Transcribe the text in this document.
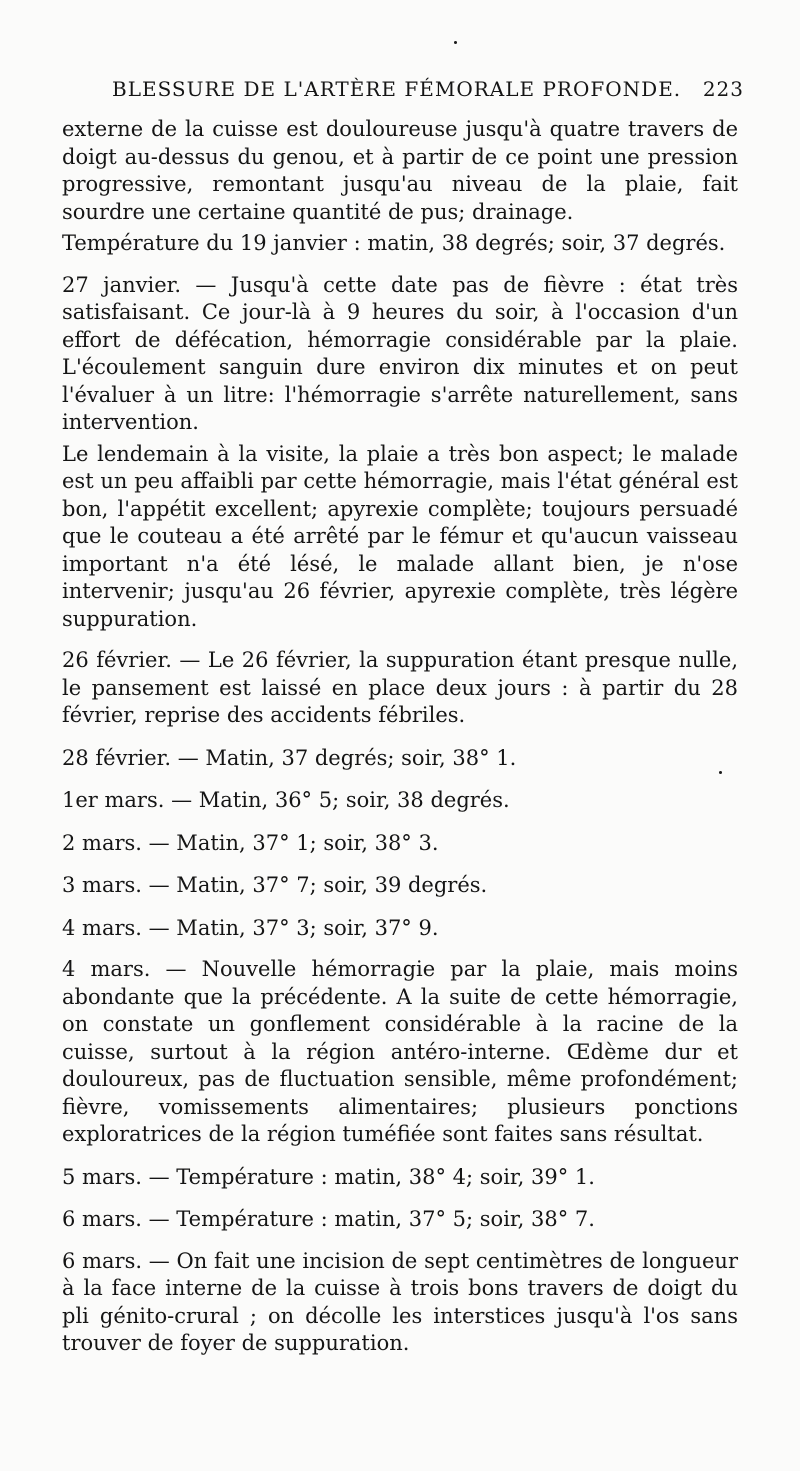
BLESSURE DE L'ARTÈRE FÉMORALE PROFONDE. 223

externe de la cuisse est douloureuse jusqu'à quatre travers de doigt au-dessus du genou, et à partir de ce point une pression progressive, remontant jusqu'au niveau de la plaie, fait sourdre une certaine quantité de pus; drainage.

Température du 19 janvier : matin, 38 degrés; soir, 37 degrés.

27 janvier. — Jusqu'à cette date pas de fièvre : état très satisfaisant. Ce jour-là à 9 heures du soir, à l'occasion d'un effort de défécation, hémorragie considérable par la plaie. L'écoulement sanguin dure environ dix minutes et on peut l'évaluer à un litre: l'hémorragie s'arrête naturellement, sans intervention.

Le lendemain à la visite, la plaie a très bon aspect; le malade est un peu affaibli par cette hémorragie, mais l'état général est bon, l'appétit excellent; apyrexie complète; toujours persuadé que le couteau a été arrêté par le fémur et qu'aucun vaisseau important n'a été lésé, le malade allant bien, je n'ose intervenir; jusqu'au 26 février, apyrexie complète, très légère suppuration.

26 février. — Le 26 février, la suppuration étant presque nulle, le pansement est laissé en place deux jours : à partir du 28 février, reprise des accidents fébriles.

28 février. — Matin, 37 degrés; soir, 38° 1.

1er mars. — Matin, 36° 5; soir, 38 degrés.

2 mars. — Matin, 37° 1; soir, 38° 3.

3 mars. — Matin, 37° 7; soir, 39 degrés.

4 mars. — Matin, 37° 3; soir, 37° 9.

4 mars. — Nouvelle hémorragie par la plaie, mais moins abondante que la précédente. A la suite de cette hémorragie, on constate un gonflement considérable à la racine de la cuisse, surtout à la région antéro-interne. Œdème dur et douloureux, pas de fluctuation sensible, même profondément; fièvre, vomissements alimentaires; plusieurs ponctions exploratrices de la région tuméfiée sont faites sans résultat.

5 mars. — Température : matin, 38° 4; soir, 39° 1.

6 mars. — Température : matin, 37° 5; soir, 38° 7.

6 mars. — On fait une incision de sept centimètres de longueur à la face interne de la cuisse à trois bons travers de doigt du pli génito-crural ; on décolle les interstices jusqu'à l'os sans trouver de foyer de suppuration.
